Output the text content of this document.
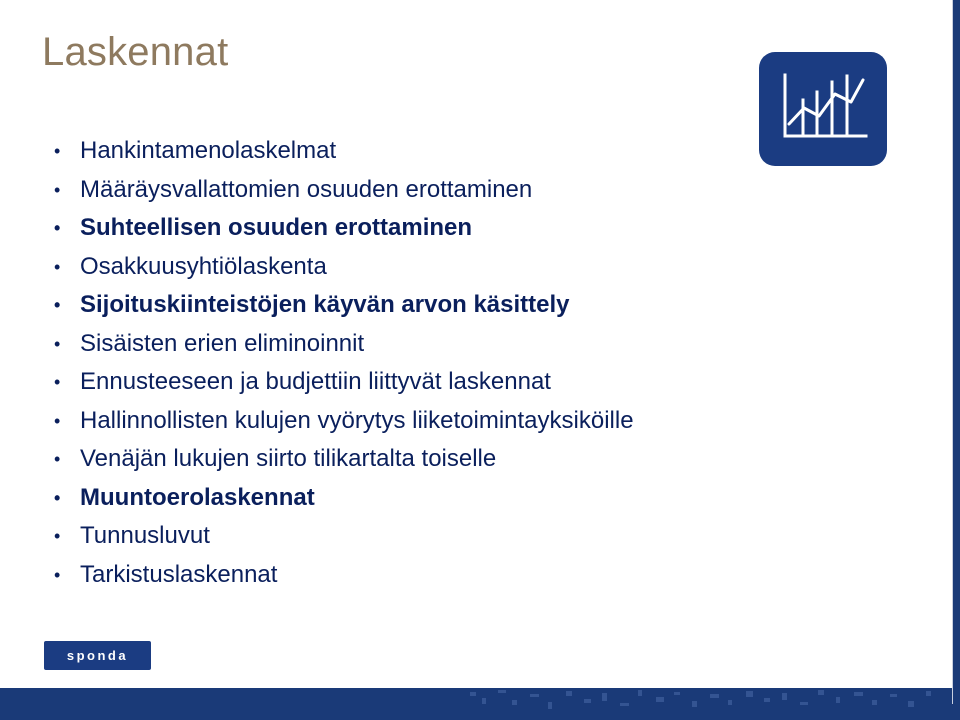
Laskennat
• Hankintamenolaskelmat
• Määräysvallattomien osuuden erottaminen
• Suhteellisen osuuden erottaminen
• Osakkuusyhtiölaskenta
• Sijoituskiinteistöjen käyvän arvon käsittely
• Sisäisten erien eliminoinnit
• Ennusteeseen ja budjettiin liittyvät laskennat
• Hallinnollisten kulujen vyörytys liiketoimintayksiköille
• Venäjän lukujen siirto tilikartalta toiselle
• Muuntoerolaskennat
• Tunnusluvut
• Tarkistuslaskennat
sponda
